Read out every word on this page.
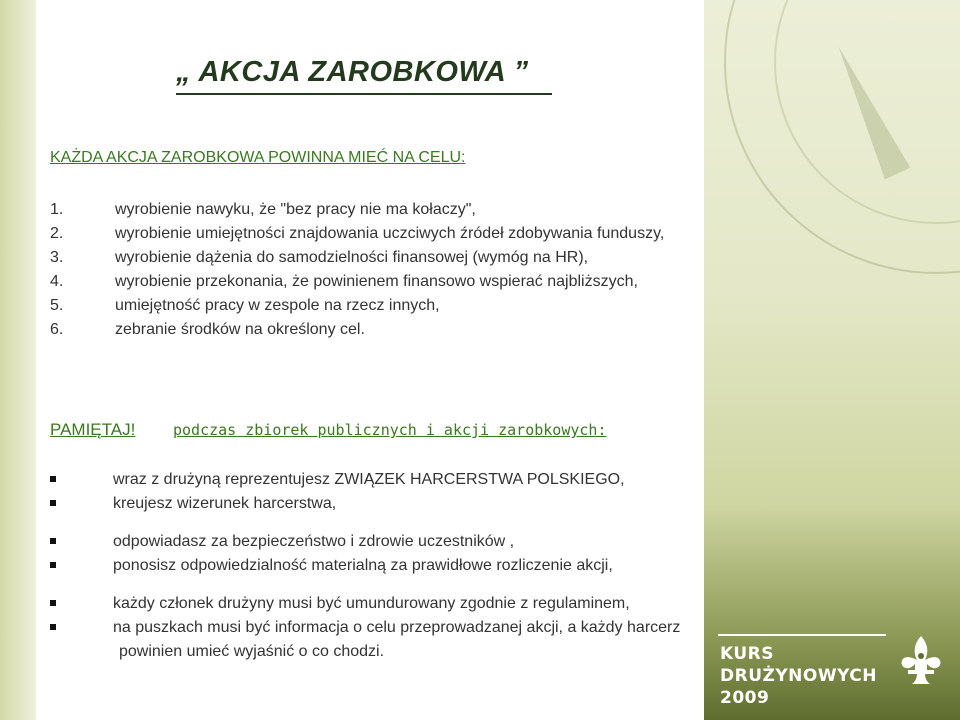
„ AKCJA ZAROBKOWA ”

KAŻDA AKCJA ZAROBKOWA POWINNA MIEĆ NA CELU:

1.	wyrobienie nawyku, że "bez pracy nie ma kołaczy",
2.	wyrobienie umiejętności znajdowania uczciwych źródeł zdobywania funduszy,
3.	wyrobienie dążenia do samodzielności finansowej (wymóg na HR),
4.	wyrobienie przekonania, że powinienem finansowo wspierać najbliższych,
5.	umiejętność pracy w zespole na rzecz innych,
6.	zebranie środków na określony cel.
PAMIĘTAJ!	podczas zbiorek publicznych i akcji zarobkowych:
wraz z drużyną reprezentujesz ZWIĄZEK HARCERSTWA POLSKIEGO,
kreujesz wizerunek harcerstwa,
odpowiadasz za bezpieczeństwo i zdrowie uczestników ,
ponosisz odpowiedzialność materialną za prawidłowe rozliczenie akcji,
każdy członek drużyny musi być umundurowany zgodnie z regulaminem,
na puszkach musi być informacja o celu przeprowadzanej akcji, a każdy harcerz
powinien umieć wyjaśnić o co chodzi.	KURS
DRUŻYNOWYCH
2009
